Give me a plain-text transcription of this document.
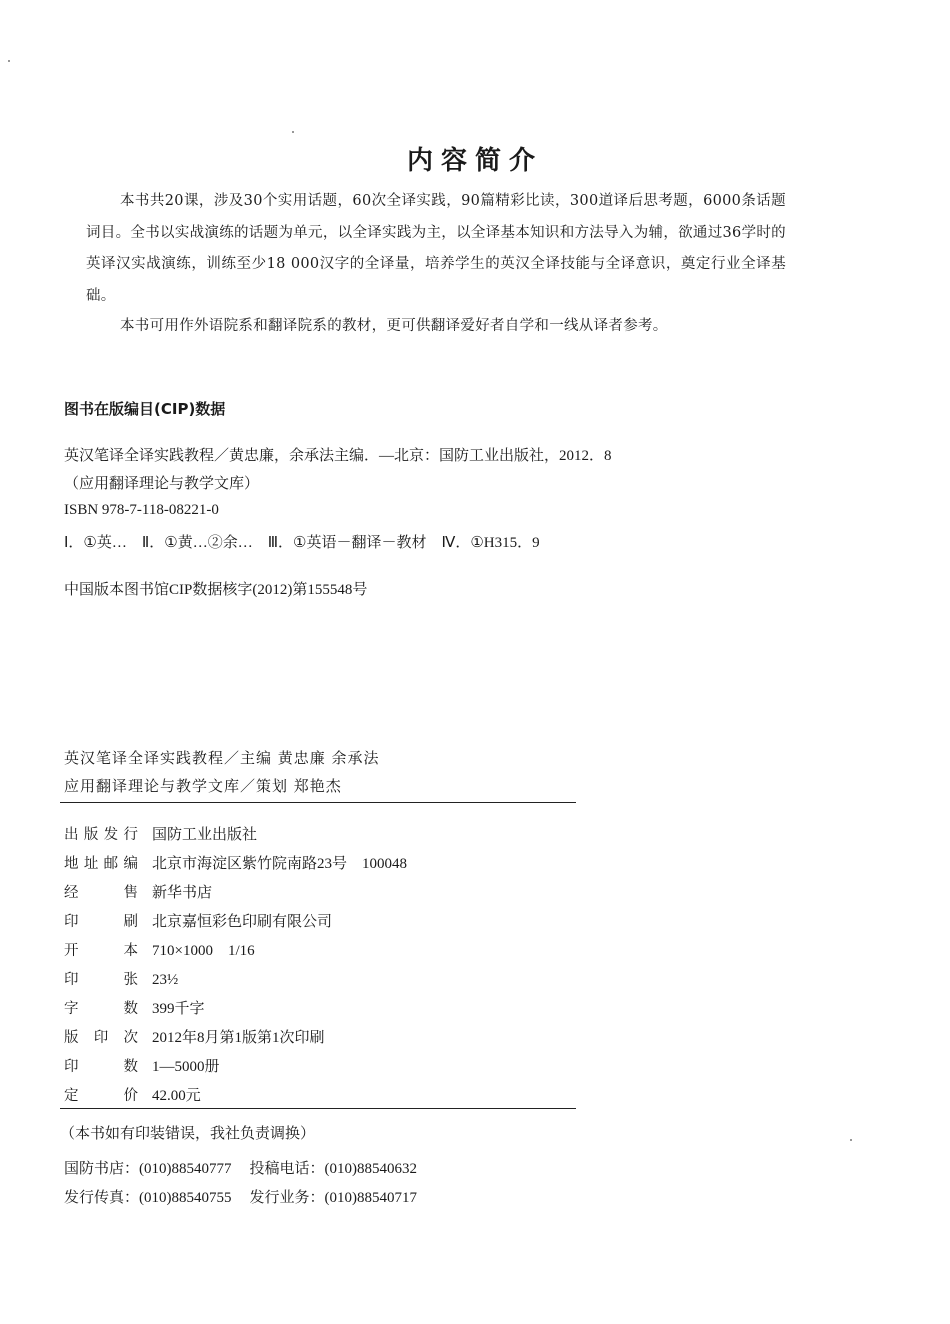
内容简介
本书共20课，涉及30个实用话题，60次全译实践，90篇精彩比读，300道译后思考题，6000条话题词目。全书以实战演练的话题为单元，以全译实践为主，以全译基本知识和方法导入为辅，欲通过36学时的英译汉实战演练，训练至少18 000汉字的全译量，培养学生的英汉全译技能与全译意识，奠定行业全译基础。
本书可用作外语院系和翻译院系的教材，更可供翻译爱好者自学和一线从译者参考。
图书在版编目(CIP)数据
英汉笔译全译实践教程／黄忠廉，余承法主编．—北京：国防工业出版社，2012．8
（应用翻译理论与教学文库）
ISBN 978-7-118-08221-0
Ⅰ．①英…　Ⅱ．①黄…②余…　Ⅲ．①英语－翻译－教材　Ⅳ．①H315．9
中国版本图书馆CIP数据核字(2012)第155548号
英汉笔译全译实践教程／主编 黄忠廉 余承法
应用翻译理论与教学文库／策划 郑艳杰
出版发行 国防工业出版社
地址邮编 北京市海淀区紫竹院南路23号　100048
经售 新华书店
印刷 北京嘉恒彩色印刷有限公司
开本 710×1000　1/16
印张 23½
字数 399千字
版印次 2012年8月第1版第1次印刷
印数 1—5000册
定价 42.00元
（本书如有印装错误，我社负责调换）
国防书店：(010)88540777 投稿电话：(010)88540632
发行传真：(010)88540755 发行业务：(010)88540717
